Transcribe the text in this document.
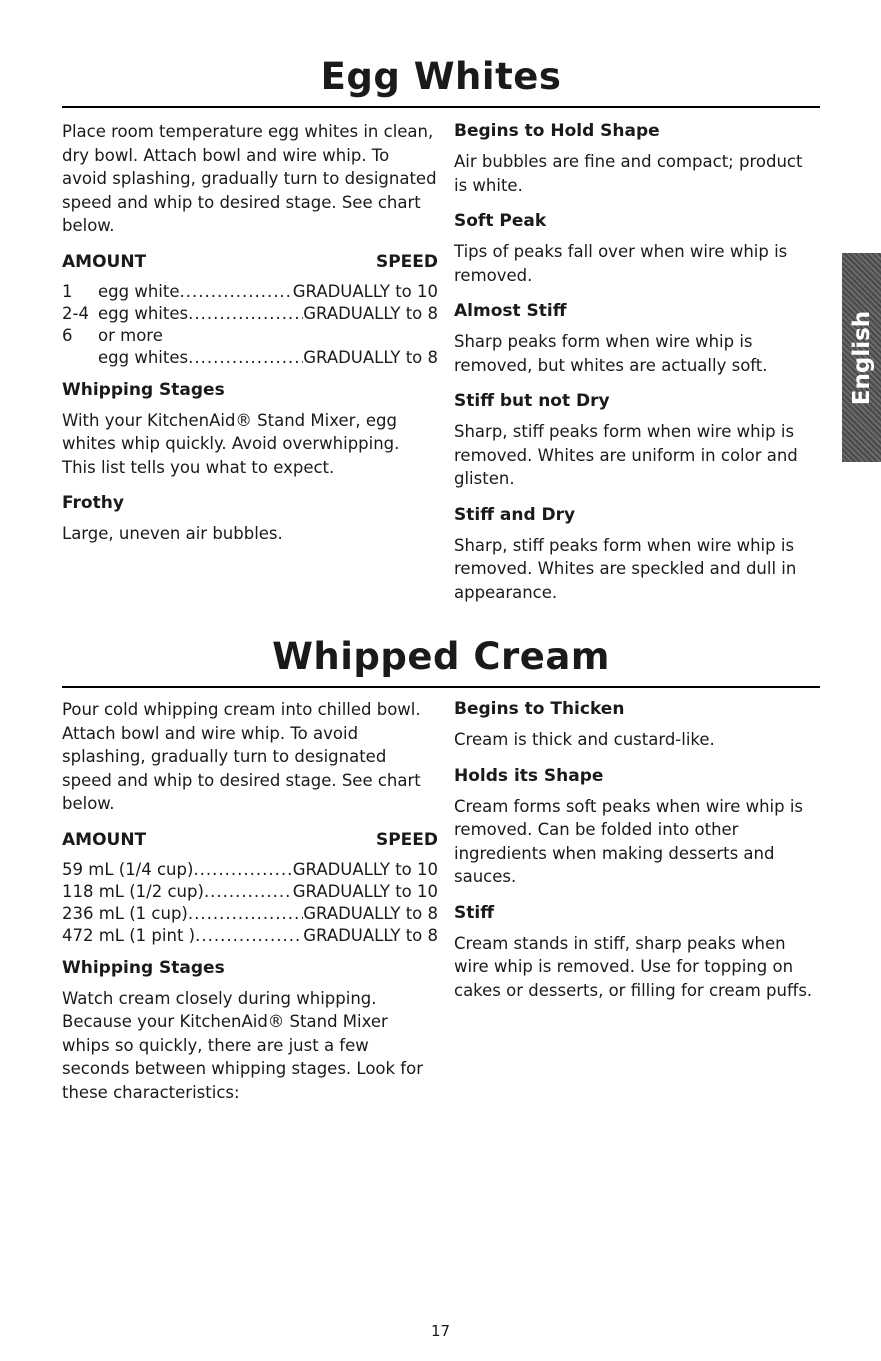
Egg Whites

Place room temperature egg whites in clean, dry bowl. Attach bowl and wire whip. To avoid splashing, gradually turn to designated speed and whip to desired stage. See chart below.

AMOUNT	SPEED
1	egg white .....	GRADUALLY to 10
2-4 egg whites .....	GRADUALLY to 8
6	or more
egg whites .....	GRADUALLY to 8
Whipping Stages

With your KitchenAid® Stand Mixer, egg whites whip quickly. Avoid overwhipping. This list tells you what to expect.

Frothy

Large, uneven air bubbles.

Begins to Hold Shape

Air bubbles are fine and compact; product is white.

Soft Peak

Tips of peaks fall over when wire whip is removed.

Almost Stiff

Sharp peaks form when wire whip is removed, but whites are actually soft.

Stiff but not Dry

Sharp, stiff peaks form when wire whip is removed. Whites are uniform in color and glisten.

Stiff and Dry

Sharp, stiff peaks form when wire whip is removed. Whites are speckled and dull in appearance.

Whipped Cream

Pour cold whipping cream into chilled bowl. Attach bowl and wire whip. To avoid splashing, gradually turn to designated speed and whip to desired stage. See chart below.

AMOUNT	SPEED
59 mL (1/4 cup) .....	GRADUALLY to 10
118 mL (1/2 cup) .....	GRADUALLY to 10
236 mL (1 cup) .....	GRADUALLY to 8
472 mL (1 pint ) .....	GRADUALLY to 8
Whipping Stages

Watch cream closely during whipping. Because your KitchenAid® Stand Mixer whips so quickly, there are just a few seconds between whipping stages. Look for these characteristics:

Begins to Thicken

Cream is thick and custard-like.

Holds its Shape

Cream forms soft peaks when wire whip is removed. Can be folded into other ingredients when making desserts and sauces.

Stiff

Cream stands in stiff, sharp peaks when wire whip is removed. Use for topping on cakes or desserts, or filling for cream puffs.

English
17
